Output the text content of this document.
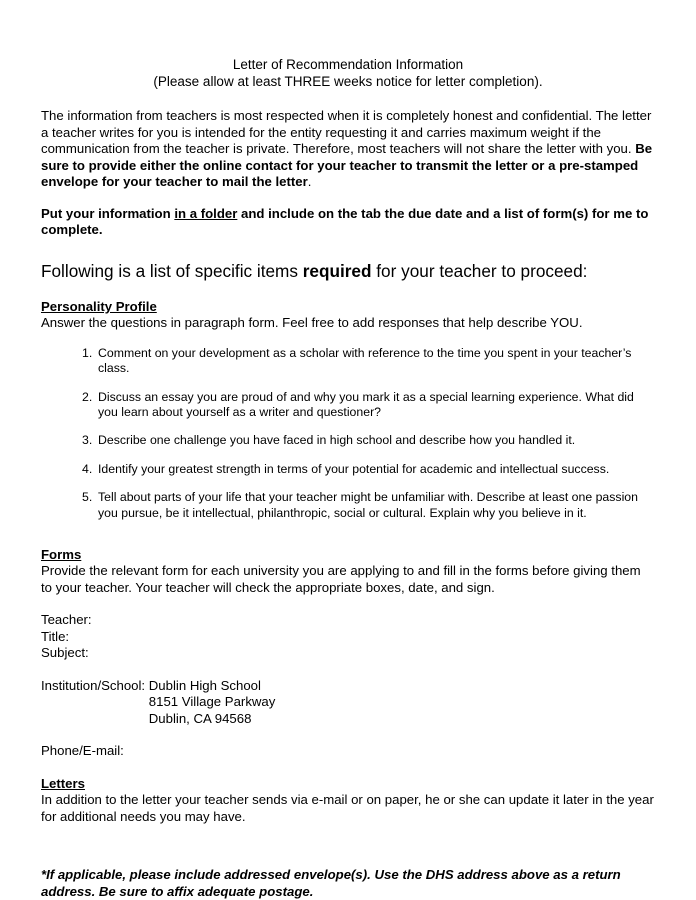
Letter of Recommendation Information
(Please allow at least THREE weeks notice for letter completion).

The information from teachers is most respected when it is completely honest and confidential. The letter a teacher writes for you is intended for the entity requesting it and carries maximum weight if the communication from the teacher is private. Therefore, most teachers will not share the letter with you. Be sure to provide either the online contact for your teacher to transmit the letter or a pre-stamped envelope for your teacher to mail the letter.

Put your information in a folder and include on the tab the due date and a list of form(s) for me to complete.

Following is a list of specific items required for your teacher to proceed:

Personality Profile
Answer the questions in paragraph form. Feel free to add responses that help describe YOU.
Comment on your development as a scholar with reference to the time you spent in your teacher’s class.
Discuss an essay you are proud of and why you mark it as a special learning experience. What did you learn about yourself as a writer and questioner?
Describe one challenge you have faced in high school and describe how you handled it.
Identify your greatest strength in terms of your potential for academic and intellectual success.
Tell about parts of your life that your teacher might be unfamiliar with. Describe at least one passion you pursue, be it intellectual, philanthropic, social or cultural. Explain why you believe in it.
Forms
Provide the relevant form for each university you are applying to and fill in the forms before giving them to your teacher. Your teacher will check the appropriate boxes, date, and sign.
Teacher:
Title:
Subject:
Institution/School:
Dublin High School
8151 Village Parkway
Dublin, CA 94568
Phone/E-mail:
Letters
In addition to the letter your teacher sends via e-mail or on paper, he or she can update it later in the year for additional needs you may have.
*If applicable, please include addressed envelope(s). Use the DHS address above as a return address. Be sure to affix adequate postage.
